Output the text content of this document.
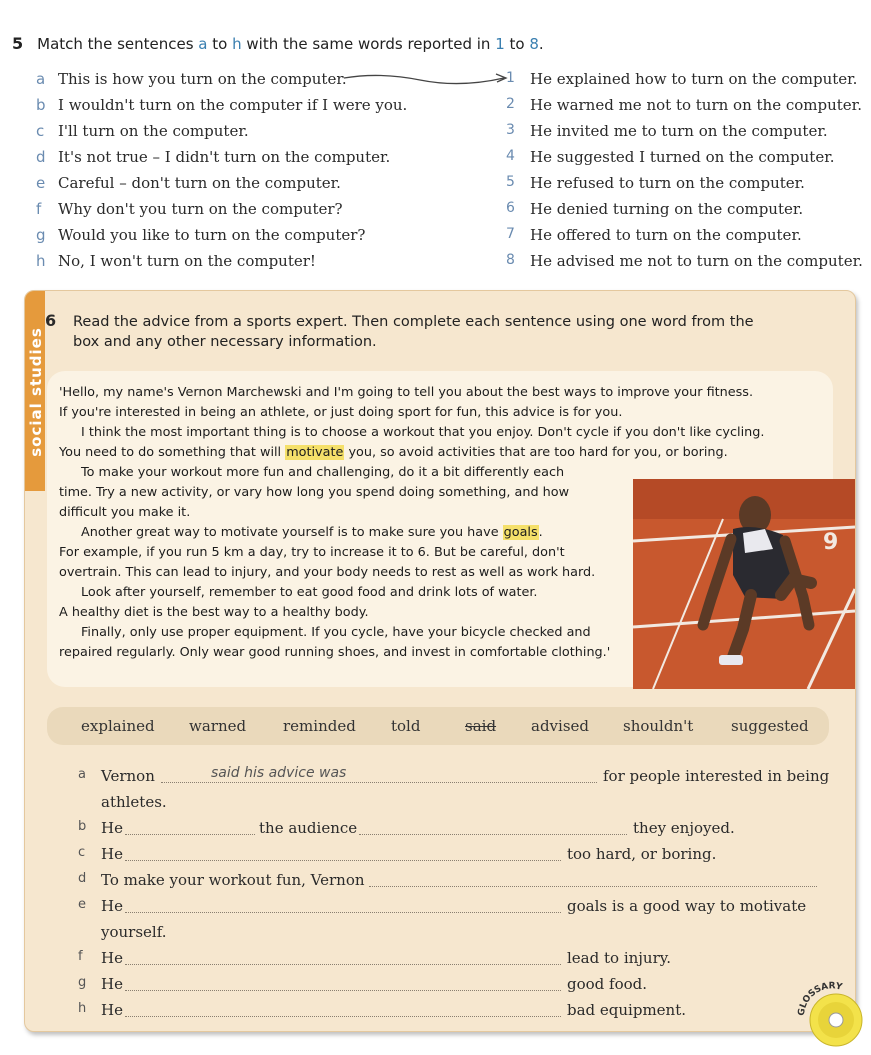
5 Match the sentences a to h with the same words reported in 1 to 8.
a This is how you turn on the computer.	1 He explained how to turn on the computer.
b I wouldn't turn on the computer if I were you.	2 He warned me not to turn on the computer.
c I'll turn on the computer.	3 He invited me to turn on the computer.
d It's not true – I didn't turn on the computer.	4 He suggested I turned on the computer.
e Careful – don't turn on the computer.	5 He refused to turn on the computer.
f Why don't you turn on the computer?	6 He denied turning on the computer.
g Would you like to turn on the computer?	7 He offered to turn on the computer.
h No, I won't turn on the computer!	8 He advised me not to turn on the computer.
social studies
6 Read the advice from a sports expert. Then complete each sentence using one word from the box and any other necessary information.
'Hello, my name's Vernon Marchewski and I'm going to tell you about the best ways to improve your fitness.
If you're interested in being an athlete, or just doing sport for fun, this advice is for you.
I think the most important thing is to choose a workout that you enjoy. Don't cycle if you don't like cycling.
You need to do something that will motivate you, so avoid activities that are too hard for you, or boring.
To make your workout more fun and challenging, do it a bit differently each
time. Try a new activity, or vary how long you spend doing something, and how
difficult you make it.
Another great way to motivate yourself is to make sure you have goals.
For example, if you run 5 km a day, try to increase it to 6. But be careful, don't
overtrain. This can lead to injury, and your body needs to rest as well as work hard.
Look after yourself, remember to eat good food and drink lots of water.
A healthy diet is the best way to a healthy body.
Finally, only use proper equipment. If you cycle, have your bicycle checked and
repaired regularly. Only wear good running shoes, and invest in comfortable clothing.'
9
explained warned reminded told	said advised shouldn't	suggested
a Vernon	said his advice was	for people interested in being
athletes.
b He	the audience	they enjoyed.
c He	too hard, or boring.
d To make your workout fun, Vernon
e He	goals is a good way to motivate
yourself.
f He	lead to injury.
g He	good food.
h He	bad equipment.	GLOSSARY
